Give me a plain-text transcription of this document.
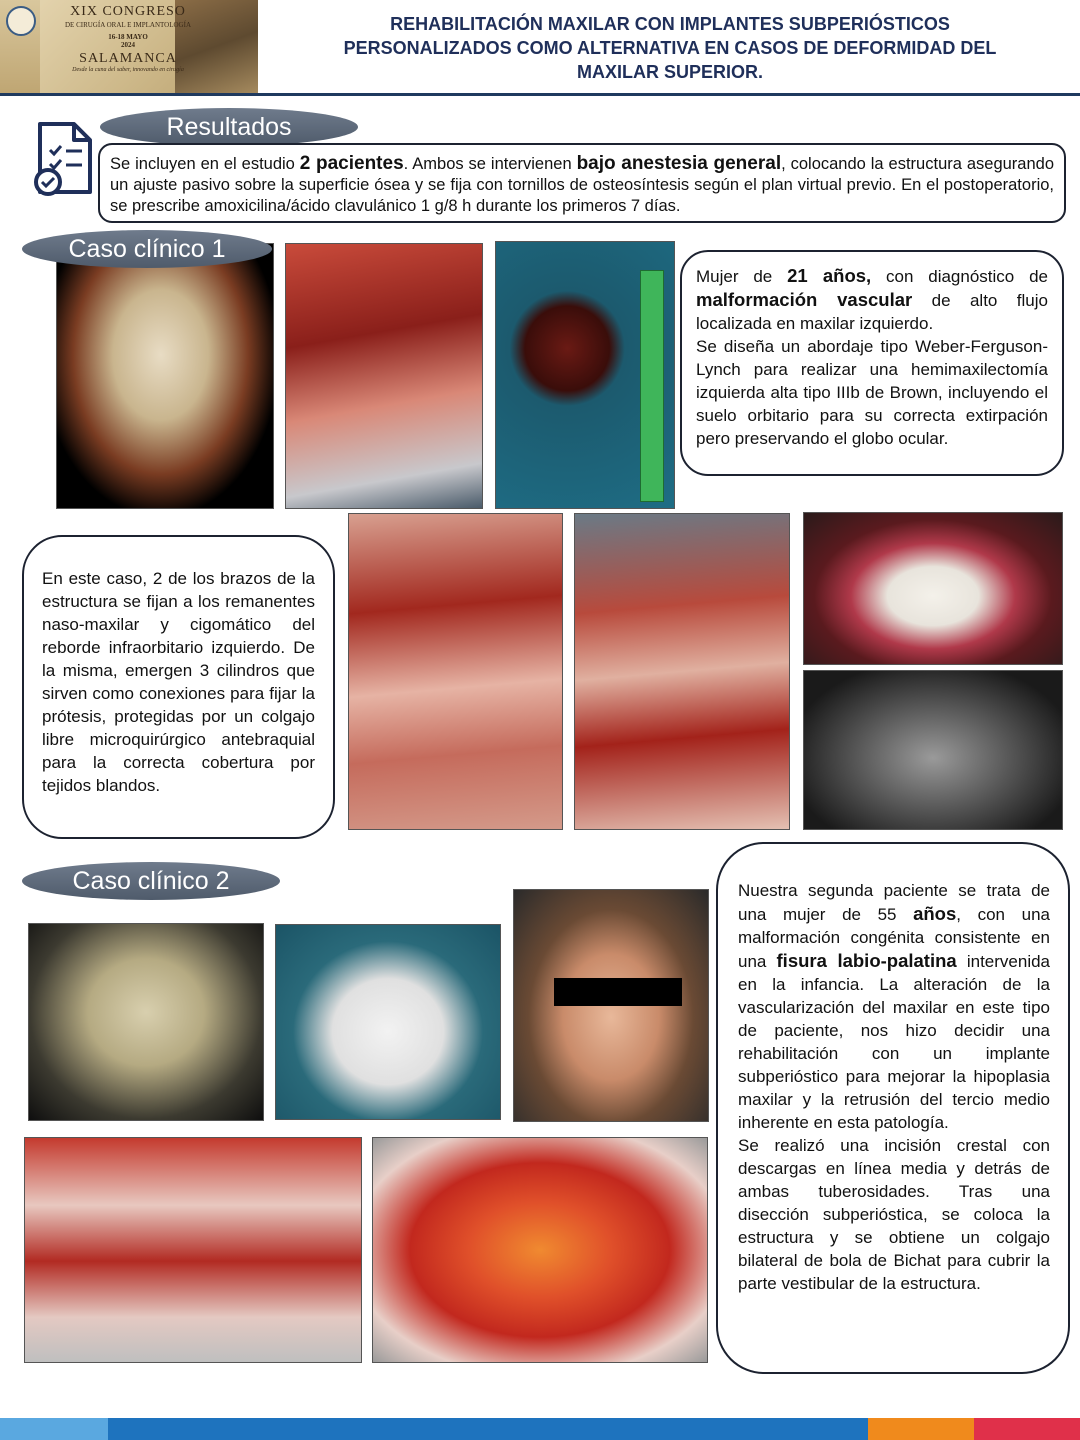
XIX CONGRESO
DE CIRUGÍA ORAL E IMPLANTOLOGÍA
16-18 MAYO
2024
SALAMANCA
Desde la cuna del saber, innovando en cirugía
REHABILITACIÓN MAXILAR CON IMPLANTES SUBPERIÓSTICOS
PERSONALIZADOS COMO ALTERNATIVA EN CASOS DE DEFORMIDAD DEL
MAXILAR SUPERIOR.
Resultados
Se incluyen en el estudio 2 pacientes. Ambos se intervienen bajo anestesia general, colocando la estructura asegurando un ajuste pasivo sobre la superficie ósea y se fija con tornillos de osteosíntesis según el plan virtual previo. En el postoperatorio, se prescribe amoxicilina/ácido clavulánico 1 g/8 h durante los primeros 7 días.
Caso clínico 1
Mujer de 21 años, con diagnóstico de malformación vascular de alto flujo localizada en maxilar izquierdo.
Se diseña un abordaje tipo Weber-Ferguson-Lynch para realizar una hemimaxilectomía izquierda alta tipo IIIb de Brown, incluyendo el suelo orbitario para su correcta extirpación pero preservando el globo ocular.
En este caso, 2 de los brazos de la estructura se fijan a los remanentes naso-maxilar y cigomático del reborde infraorbitario izquierdo. De la misma, emergen 3 cilindros que sirven como conexiones para fijar la prótesis, protegidas por un colgajo libre microquirúrgico antebraquial para la correcta cobertura por tejidos blandos.
Caso clínico 2	Nuestra segunda paciente se trata de una mujer de 55 años, con una malformación congénita consistente en una fisura labio-palatina intervenida en la infancia. La alteración de la vascularización del maxilar en este tipo de paciente, nos hizo decidir una rehabilitación con un implante subperióstico para mejorar la hipoplasia maxilar y la retrusión del tercio medio inherente en esta patología.
Se realizó una incisión crestal con descargas en línea media y detrás de ambas tuberosidades. Tras una disección subperióstica, se coloca la estructura y se obtiene un colgajo bilateral de bola de Bichat para cubrir la parte vestibular de la estructura.
